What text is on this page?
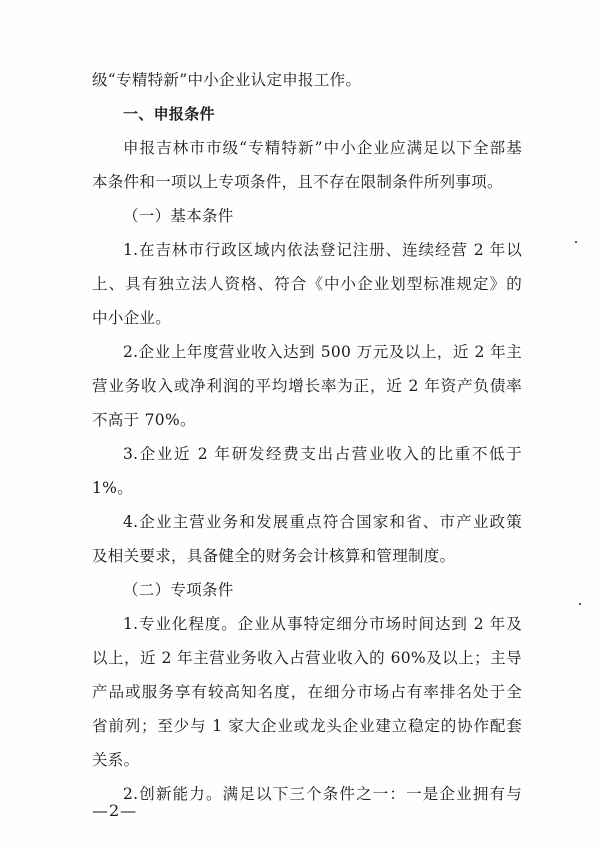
级“专精特新”中小企业认定申报工作。

一、申报条件

申报吉林市市级“专精特新”中小企业应满足以下全部基

本条件和一项以上专项条件，且不存在限制条件所列事项。

（一）基本条件

1.在吉林市行政区域内依法登记注册、连续经营 2 年以

上、具有独立法人资格、符合《中小企业划型标准规定》的

中小企业。

2.企业上年度营业收入达到 500 万元及以上，近 2 年主

营业务收入或净利润的平均增长率为正，近 2 年资产负债率

不高于 70%。

3.企业近 2 年研发经费支出占营业收入的比重不低于

1%。

4.企业主营业务和发展重点符合国家和省、市产业政策

及相关要求，具备健全的财务会计核算和管理制度。

（二）专项条件

1.专业化程度。企业从事特定细分市场时间达到 2 年及

以上，近 2 年主营业务收入占营业收入的 60%及以上；主导

产品或服务享有较高知名度，在细分市场占有率排名处于全

省前列；至少与 1 家大企业或龙头企业建立稳定的协作配套

关系。

2.创新能力。满足以下三个条件之一：一是企业拥有与

—2—
